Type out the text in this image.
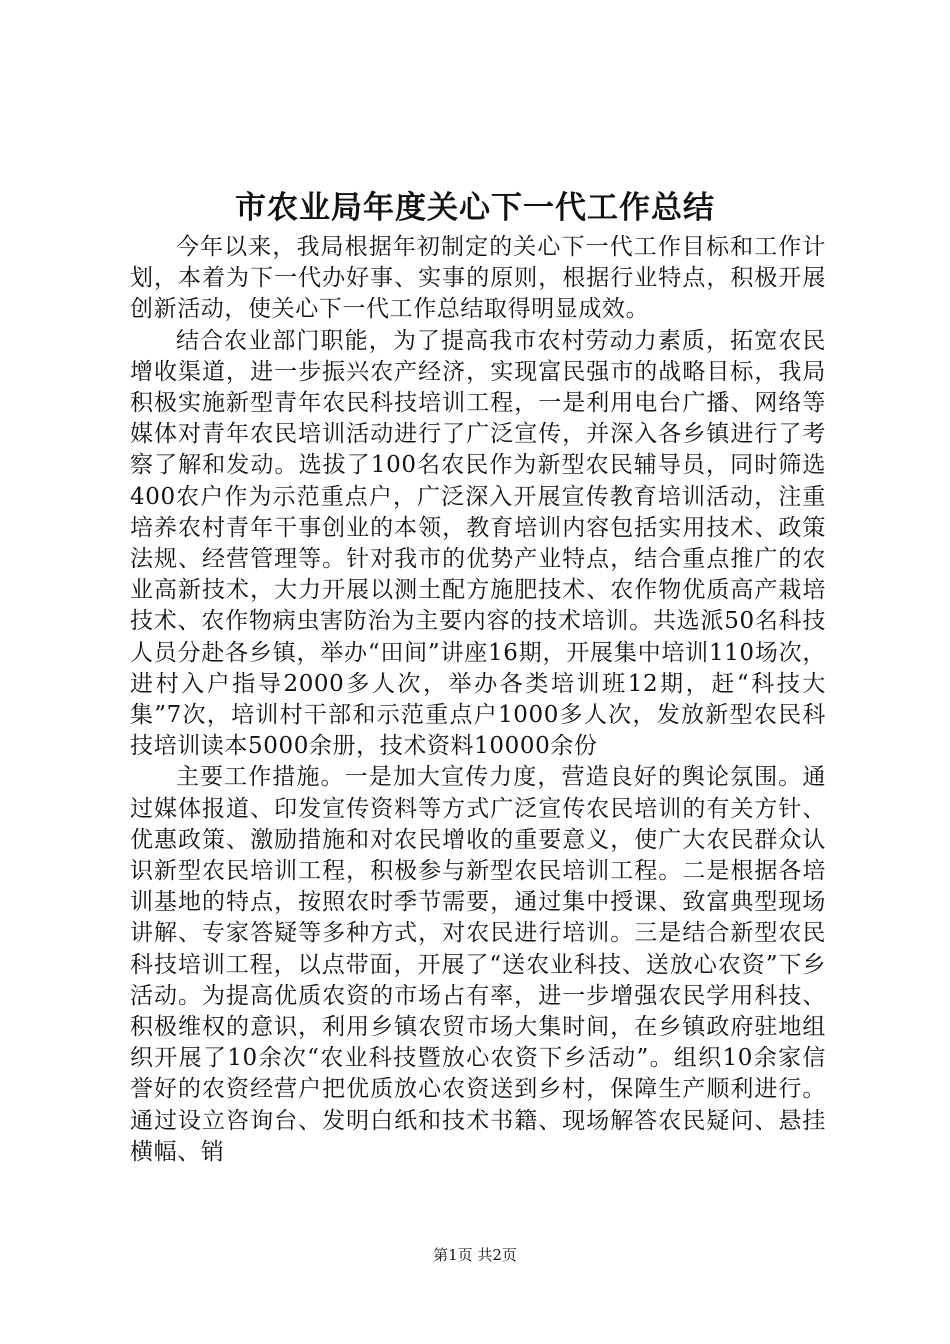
市农业局年度关心下一代工作总结

今年以来，我局根据年初制定的关心下一代工作目标和工作计划，本着为下一代办好事、实事的原则，根据行业特点，积极开展创新活动，使关心下一代工作总结取得明显成效。

结合农业部门职能，为了提高我市农村劳动力素质，拓宽农民增收渠道，进一步振兴农产经济，实现富民强市的战略目标，我局积极实施新型青年农民科技培训工程，一是利用电台广播、网络等媒体对青年农民培训活动进行了广泛宣传，并深入各乡镇进行了考察了解和发动。选拔了100名农民作为新型农民辅导员，同时筛选400农户作为示范重点户，广泛深入开展宣传教育培训活动，注重培养农村青年干事创业的本领，教育培训内容包括实用技术、政策法规、经营管理等。针对我市的优势产业特点，结合重点推广的农业高新技术，大力开展以测土配方施肥技术、农作物优质高产栽培技术、农作物病虫害防治为主要内容的技术培训。共选派50名科技人员分赴各乡镇，举办“田间”讲座16期，开展集中培训110场次，进村入户指导2000多人次，举办各类培训班12期，赶“科技大集”7次，培训村干部和示范重点户1000多人次，发放新型农民科技培训读本5000余册，技术资料10000余份

主要工作措施。一是加大宣传力度，营造良好的舆论氛围。通过媒体报道、印发宣传资料等方式广泛宣传农民培训的有关方针、优惠政策、激励措施和对农民增收的重要意义，使广大农民群众认识新型农民培训工程，积极参与新型农民培训工程。二是根据各培训基地的特点，按照农时季节需要，通过集中授课、致富典型现场讲解、专家答疑等多种方式，对农民进行培训。三是结合新型农民科技培训工程，以点带面，开展了“送农业科技、送放心农资”下乡活动。为提高优质农资的市场占有率，进一步增强农民学用科技、积极维权的意识，利用乡镇农贸市场大集时间，在乡镇政府驻地组织开展了10余次“农业科技暨放心农资下乡活动”。组织10余家信誉好的农资经营户把优质放心农资送到乡村，保障生产顺利进行。通过设立咨询台、发明白纸和技术书籍、现场解答农民疑问、悬挂横幅、销

第1页 共2页
